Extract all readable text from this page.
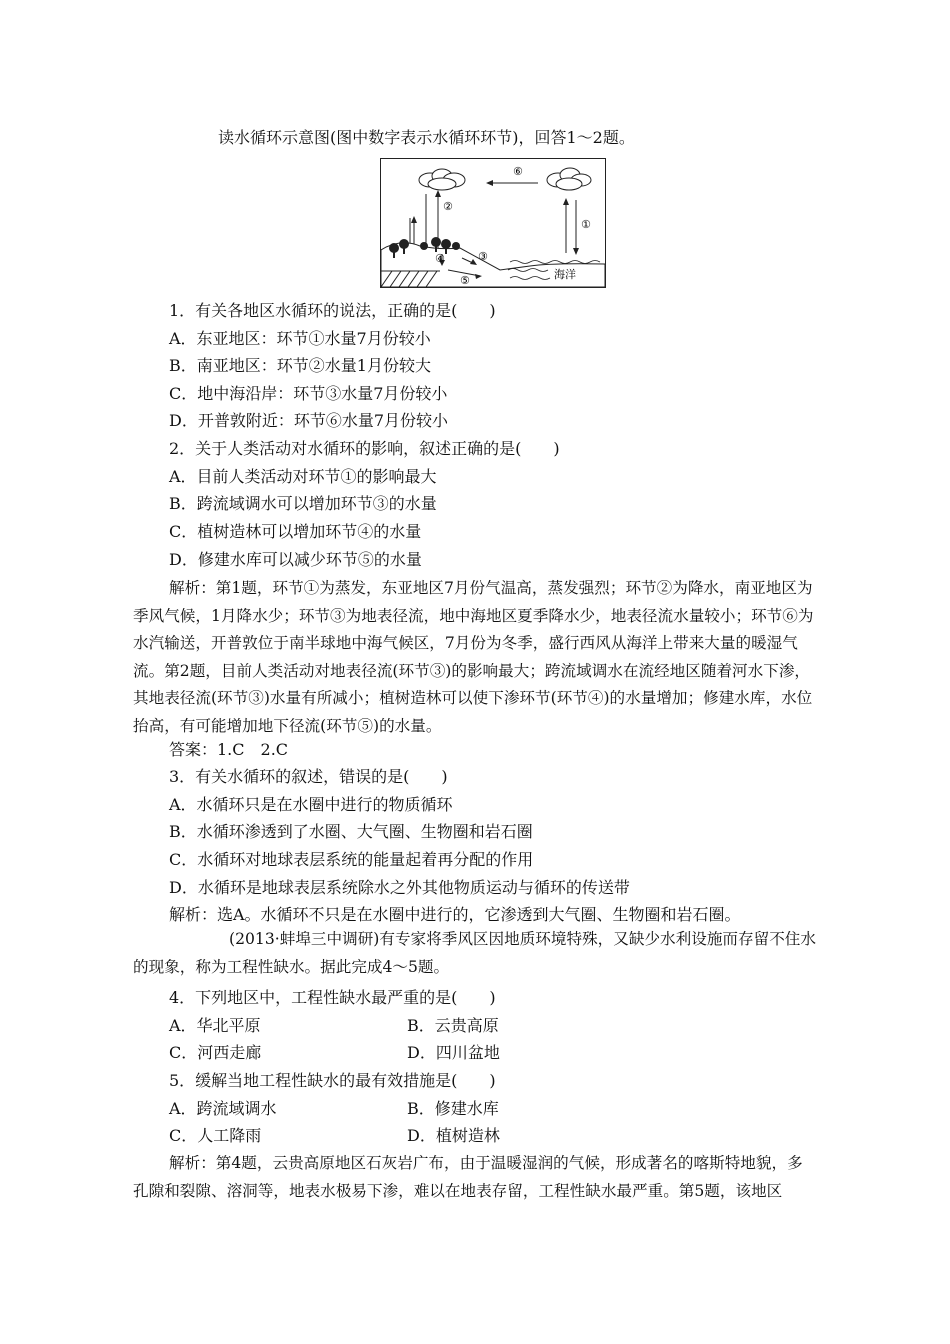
读水循环示意图(图中数字表示水循环环节)，回答1～2题。
⑥
①
②
③
④
⑤	海洋
1．有关各地区水循环的说法，正确的是(　　)
A．东亚地区：环节①水量7月份较小
B．南亚地区：环节②水量1月份较大
C．地中海沿岸：环节③水量7月份较小
D．开普敦附近：环节⑥水量7月份较小
2．关于人类活动对水循环的影响，叙述正确的是(　　)
A．目前人类活动对环节①的影响最大
B．跨流域调水可以增加环节③的水量
C．植树造林可以增加环节④的水量
D．修建水库可以减少环节⑤的水量
解析：第1题，环节①为蒸发，东亚地区7月份气温高，蒸发强烈；环节②为降水，南亚地区为季风气候，1月降水少；环节③为地表径流，地中海地区夏季降水少，地表径流水量较小；环节⑥为水汽输送，开普敦位于南半球地中海气候区，7月份为冬季，盛行西风从海洋上带来大量的暖湿气流。第2题，目前人类活动对地表径流(环节③)的影响最大；跨流域调水在流经地区随着河水下渗，其地表径流(环节③)水量有所减小；植树造林可以使下渗环节(环节④)的水量增加；修建水库，水位抬高，有可能增加地下径流(环节⑤)的水量。
答案：1.C　2.C
3．有关水循环的叙述，错误的是(　　)
A．水循环只是在水圈中进行的物质循环
B．水循环渗透到了水圈、大气圈、生物圈和岩石圈
C．水循环对地球表层系统的能量起着再分配的作用
D．水循环是地球表层系统除水之外其他物质运动与循环的传送带
解析：选A。水循环不只是在水圈中进行的，它渗透到大气圈、生物圈和岩石圈。
(2013·蚌埠三中调研)有专家将季风区因地质环境特殊，又缺少水利设施而存留不住水的现象，称为工程性缺水。据此完成4～5题。
4．下列地区中，工程性缺水最严重的是(　　)
A．华北平原	B．云贵高原
C．河西走廊	D．四川盆地
5．缓解当地工程性缺水的最有效措施是(　　)
A．跨流域调水	B．修建水库
C．人工降雨	D．植树造林
解析：第4题，云贵高原地区石灰岩广布，由于温暖湿润的气候，形成著名的喀斯特地貌，多孔隙和裂隙、溶洞等，地表水极易下渗，难以在地表存留，工程性缺水最严重。第5题，该地区
